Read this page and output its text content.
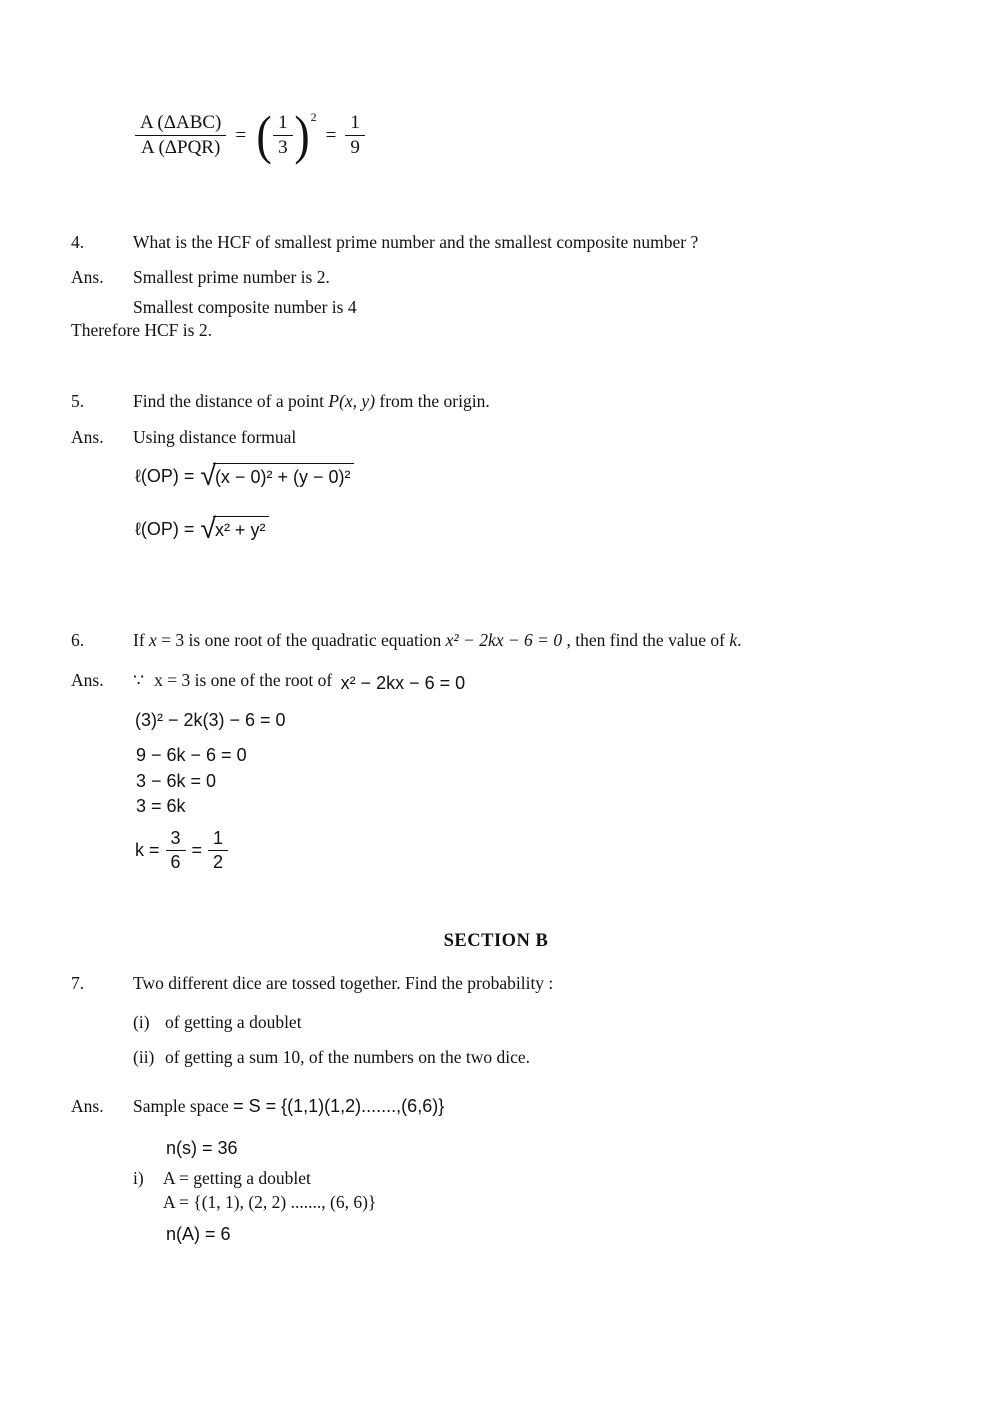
$\frac{\text{A (ΔABC)}}{\text{A (ΔPQR)}}$ = ( $\frac{1}{3}$ ) 2
= $\frac{1}{9}$
4.	What is the HCF of smallest prime number and the smallest composite number ?
Ans.	Smallest prime number is 2.
Smallest composite number is 4
Therefore HCF is 2.
5.	Find the distance of a point P(x, y) from the origin.
Ans.	Using distance formual
ℓ(OP) = √ (x − 0)² + (y − 0)²
ℓ(OP) = √ x² + y²
6.	If x = 3 is one root of the quadratic equation x² − 2kx − 6 = 0 , then find the value of k.
Ans.	∵ x = 3 is one of the root of x² − 2kx − 6 = 0
(3)² − 2k(3) − 6 = 0
9 − 6k − 6 = 0
3 − 6k = 0
3 = 6k
$k = \frac{3}{6} = \frac{1}{2}$
SECTION B
7.	Two different dice are tossed together. Find the probability :
(i) of getting a doublet
(ii) of getting a sum 10, of the numbers on the two dice.
Ans.	Sample space = S = {(1,1)(1,2).......,(6,6)}
n(s) = 36
i)	A = getting a doublet
A = {(1, 1), (2, 2) ......., (6, 6)}
n(A) = 6
